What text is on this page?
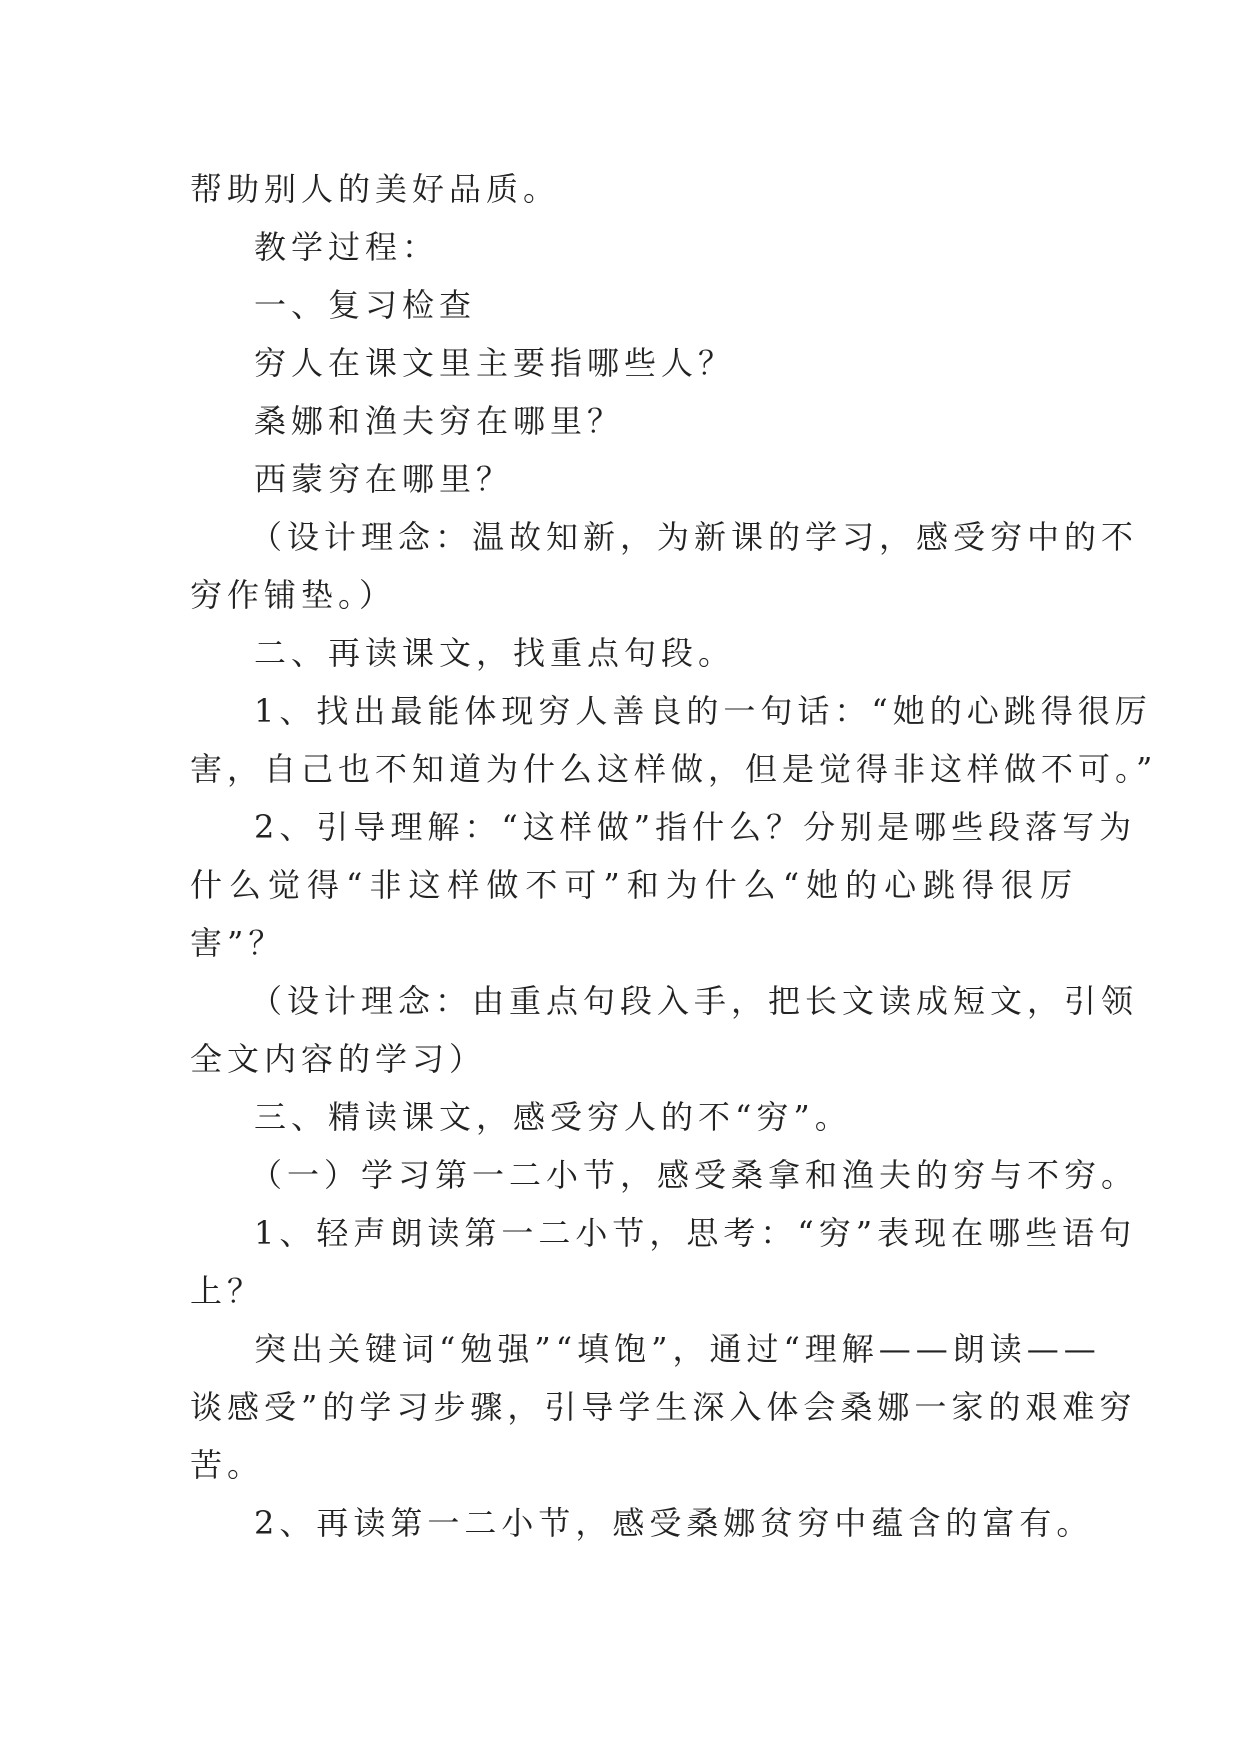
帮助别人的美好品质。
教学过程：
一、复习检查
穷人在课文里主要指哪些人？
桑娜和渔夫穷在哪里？
西蒙穷在哪里？
（设计理念：温故知新，为新课的学习，感受穷中的不
穷作铺垫。）
二、再读课文，找重点句段。
1、找出最能体现穷人善良的一句话：“她的心跳得很厉
害，自己也不知道为什么这样做，但是觉得非这样做不可。”
2、引导理解：“这样做”指什么？分别是哪些段落写为
什么觉得“非这样做不可”和为什么“她的心跳得很厉
害”？
（设计理念：由重点句段入手，把长文读成短文，引领
全文内容的学习）
三、精读课文，感受穷人的不“穷”。
（一）学习第一二小节，感受桑拿和渔夫的穷与不穷。
1、轻声朗读第一二小节，思考：“穷”表现在哪些语句
上？
突出关键词“勉强”“填饱”，通过“理解——朗读——
谈感受”的学习步骤，引导学生深入体会桑娜一家的艰难穷
苦。
2、再读第一二小节，感受桑娜贫穷中蕴含的富有。
